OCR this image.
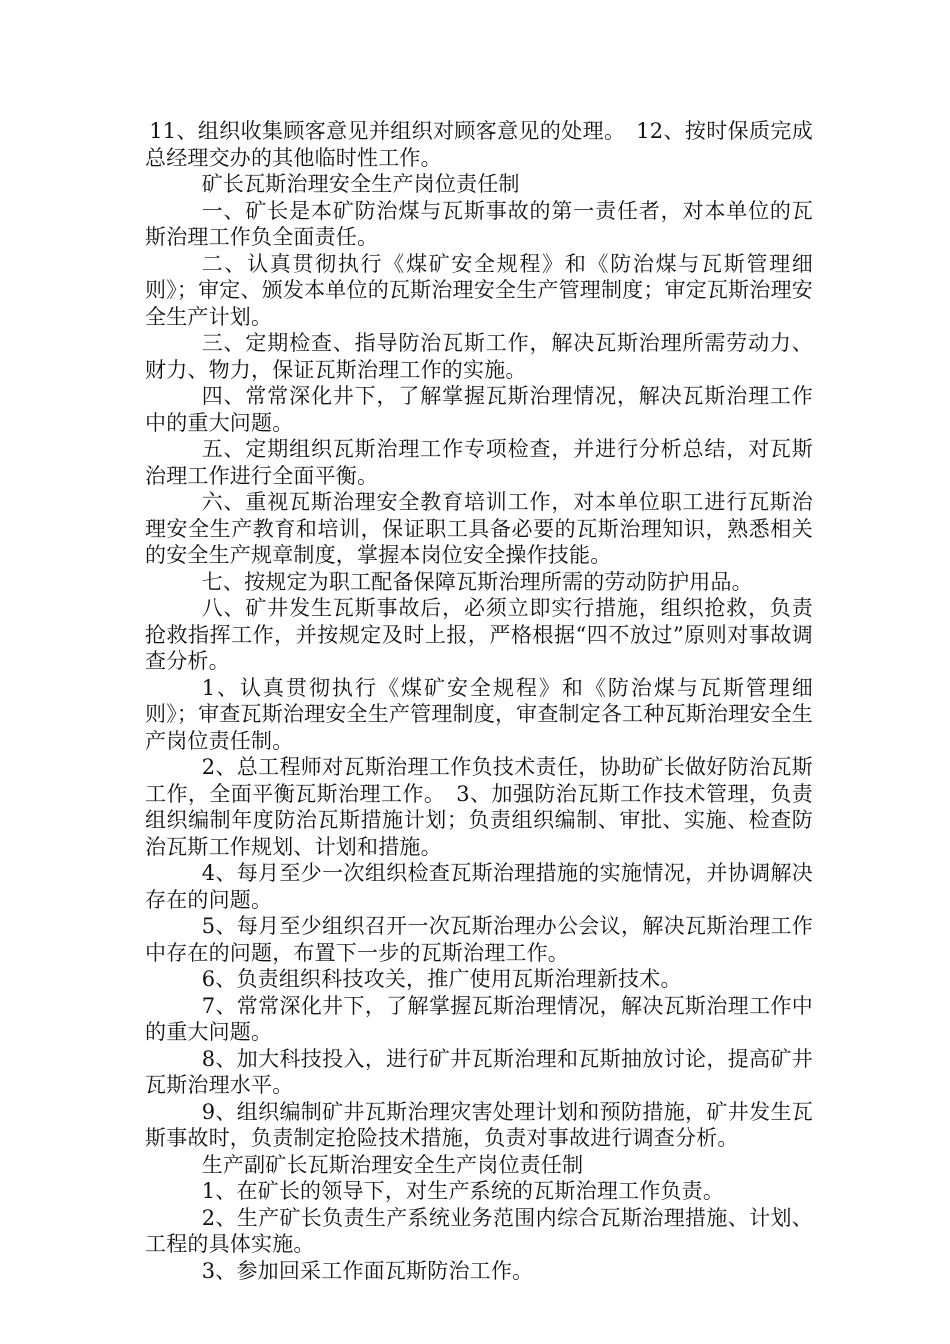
11、组织收集顾客意见并组织对顾客意见的处理。　12、按时保质完成总经理交办的其他临时性工作。

矿长瓦斯治理安全生产岗位责任制

一、矿长是本矿防治煤与瓦斯事故的第一责任者，对本单位的瓦斯治理工作负全面责任。

二、认真贯彻执行《煤矿安全规程》和《防治煤与瓦斯管理细则》；审定、颁发本单位的瓦斯治理安全生产管理制度；审定瓦斯治理安全生产计划。

三、定期检查、指导防治瓦斯工作，解决瓦斯治理所需劳动力、财力、物力，保证瓦斯治理工作的实施。

四、常常深化井下，了解掌握瓦斯治理情况，解决瓦斯治理工作中的重大问题。

五、定期组织瓦斯治理工作专项检查，并进行分析总结，对瓦斯治理工作进行全面平衡。

六、重视瓦斯治理安全教育培训工作，对本单位职工进行瓦斯治理安全生产教育和培训，保证职工具备必要的瓦斯治理知识，熟悉相关的安全生产规章制度，掌握本岗位安全操作技能。

七、按规定为职工配备保障瓦斯治理所需的劳动防护用品。

八、矿井发生瓦斯事故后，必须立即实行措施，组织抢救，负责抢救指挥工作，并按规定及时上报，严格根据“四不放过”原则对事故调查分析。

1、认真贯彻执行《煤矿安全规程》和《防治煤与瓦斯管理细则》；审查瓦斯治理安全生产管理制度，审查制定各工种瓦斯治理安全生产岗位责任制。

2、总工程师对瓦斯治理工作负技术责任，协助矿长做好防治瓦斯工作，全面平衡瓦斯治理工作。　3、加强防治瓦斯工作技术管理，负责组织编制年度防治瓦斯措施计划；负责组织编制、审批、实施、检查防治瓦斯工作规划、计划和措施。

4、每月至少一次组织检查瓦斯治理措施的实施情况，并协调解决存在的问题。

5、每月至少组织召开一次瓦斯治理办公会议，解决瓦斯治理工作中存在的问题，布置下一步的瓦斯治理工作。

6、负责组织科技攻关，推广使用瓦斯治理新技术。

7、常常深化井下，了解掌握瓦斯治理情况，解决瓦斯治理工作中的重大问题。

8、加大科技投入，进行矿井瓦斯治理和瓦斯抽放讨论，提高矿井瓦斯治理水平。

9、组织编制矿井瓦斯治理灾害处理计划和预防措施，矿井发生瓦斯事故时，负责制定抢险技术措施，负责对事故进行调查分析。

生产副矿长瓦斯治理安全生产岗位责任制

1、在矿长的领导下，对生产系统的瓦斯治理工作负责。

2、生产矿长负责生产系统业务范围内综合瓦斯治理措施、计划、工程的具体实施。

3、参加回采工作面瓦斯防治工作。
